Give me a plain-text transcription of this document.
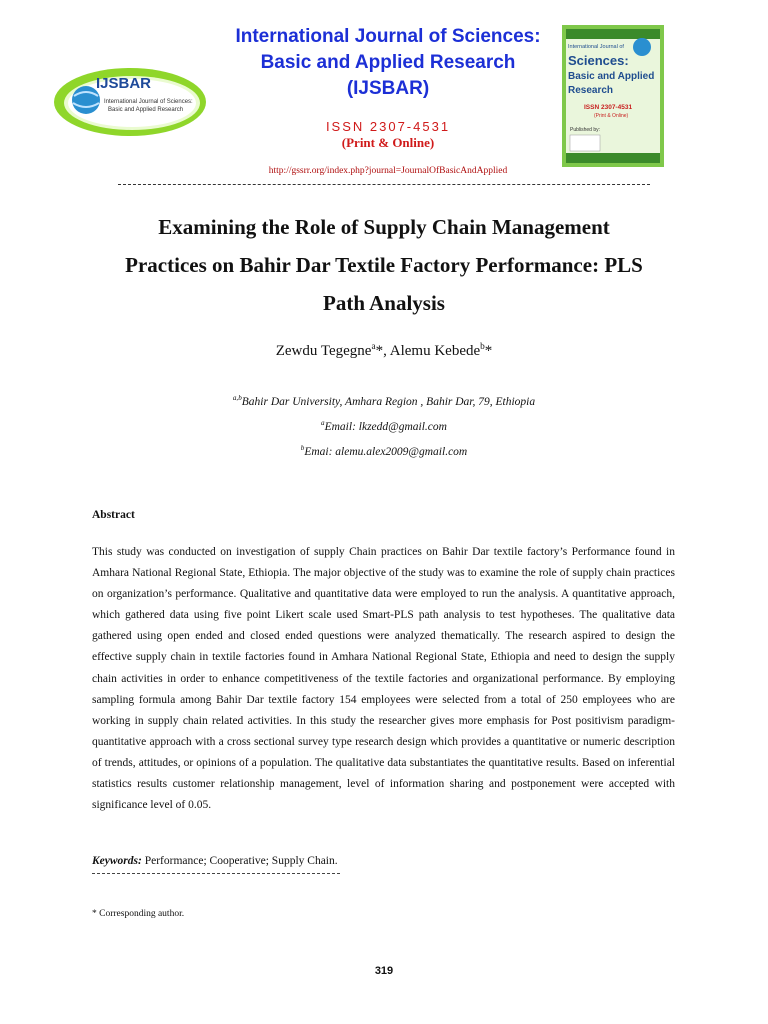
IJSBAR
International Journal of Sciences:
Basic and Applied Research
International Journal of Sciences:
Basic and Applied Research
(IJSBAR)
ISSN 2307-4531
(Print & Online)
http://gssrr.org/index.php?journal=JournalOfBasicAndApplied
International Journal of
Sciences:
Basic and Applied
Research
ISSN 2307-4531
(Print & Online)
Published by:
Examining the Role of Supply Chain Management
Practices on Bahir Dar Textile Factory Performance: PLS
Path Analysis
Zewdu Tegegne$^a$*, Alemu Kebede$^b$*
$^{a,b}$Bahir Dar University, Amhara Region , Bahir Dar, 79, Ethiopia
$^a$Email: lkzedd@gmail.com
$^b$Emai: alemu.alex2009@gmail.com
Abstract
This study was conducted on investigation of supply Chain practices on Bahir Dar textile factory’s Performance found in Amhara National Regional State, Ethiopia. The major objective of the study was to examine the role of supply chain practices on organization’s performance. Qualitative and quantitative data were employed to run the analysis. A quantitative approach, which gathered data using five point Likert scale used Smart-PLS path analysis to test hypotheses. The qualitative data gathered using open ended and closed ended questions were analyzed thematically. The research aspired to design the effective supply chain in textile factories found in Amhara National Regional State, Ethiopia and need to design the supply chain activities in order to enhance competitiveness of the textile factories and organizational performance. By employing sampling formula among Bahir Dar textile factory 154 employees were selected from a total of 250 employees who are working in supply chain related activities. In this study the researcher gives more emphasis for Post positivism paradigm-quantitative approach with a cross sectional survey type research design which provides a quantitative or numeric description of trends, attitudes, or opinions of a population. The qualitative data substantiates the quantitative results. Based on inferential statistics results customer relationship management, level of information sharing and postponement were accepted with significance level of 0.05.
Keywords: Performance; Cooperative; Supply Chain.
* Corresponding author.
319
